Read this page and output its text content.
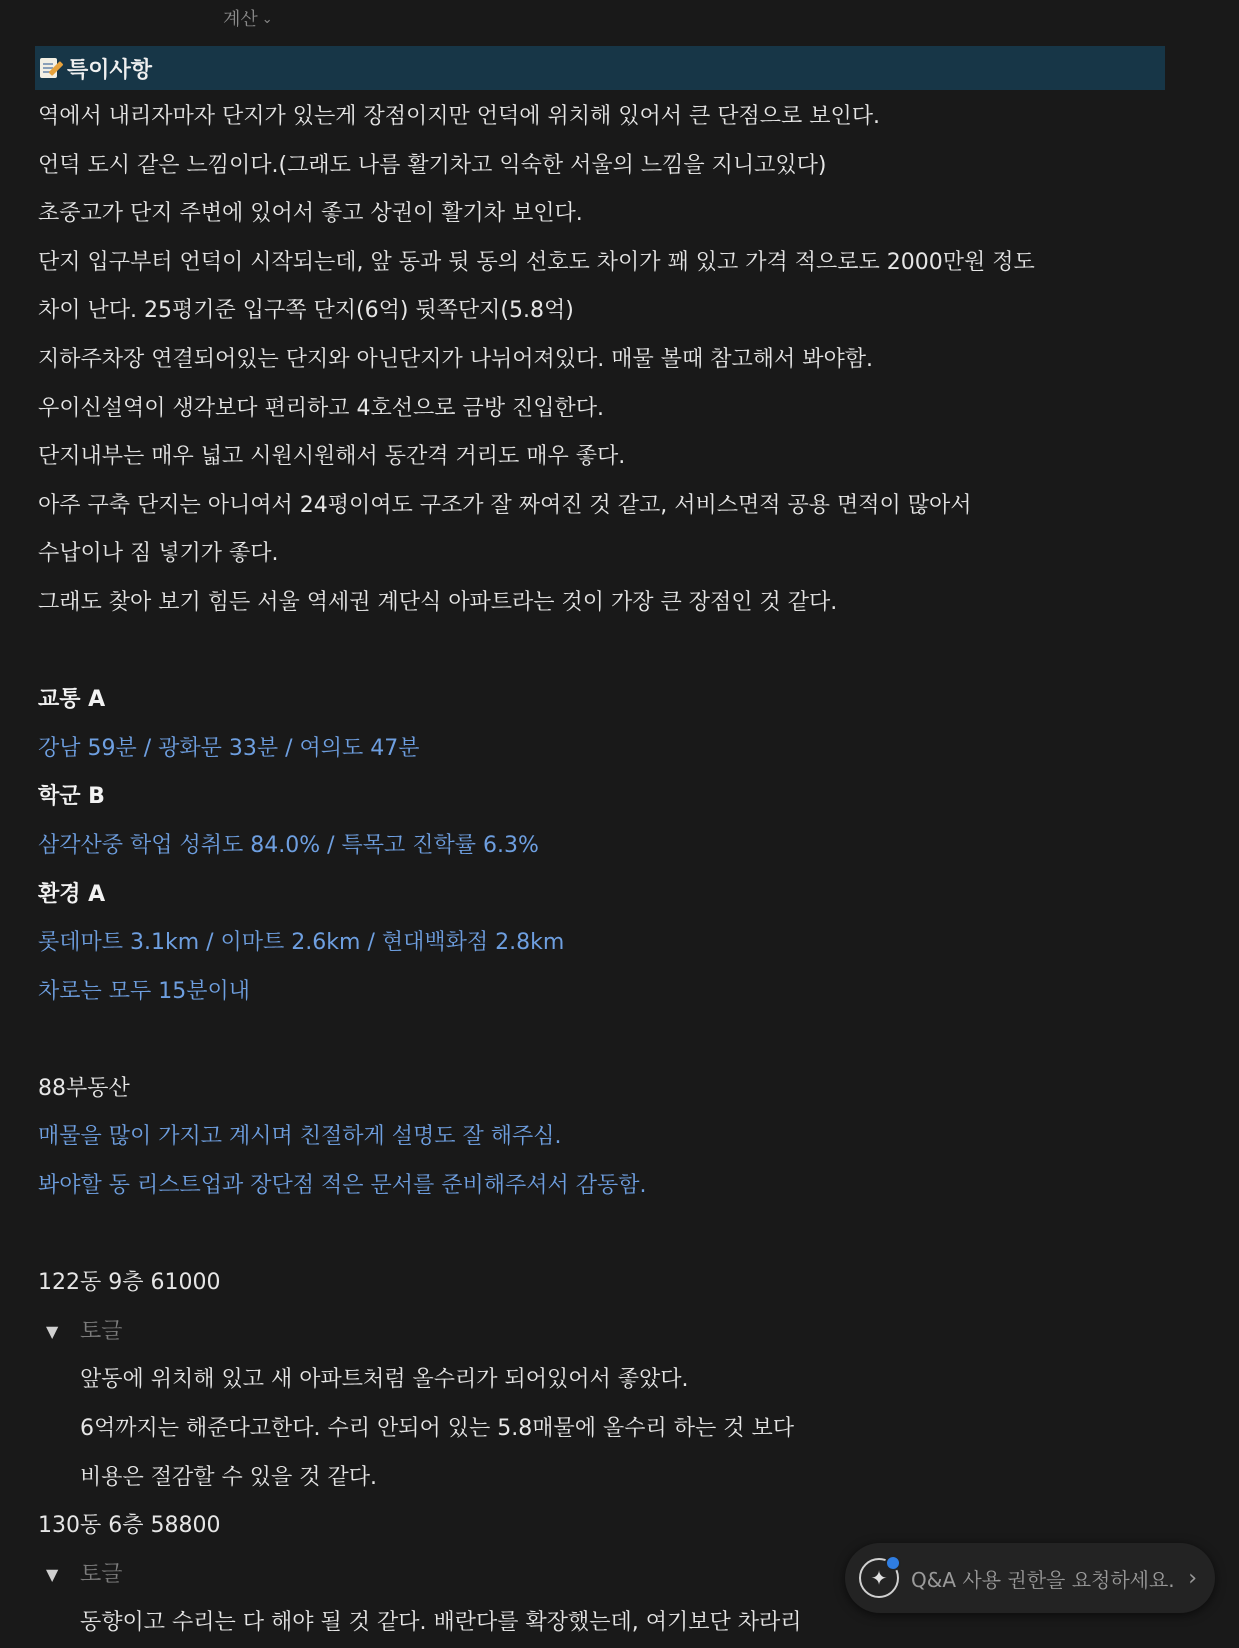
계산 ⌄
특이사항
역에서 내리자마자 단지가 있는게 장점이지만 언덕에 위치해 있어서 큰 단점으로 보인다.
언덕 도시 같은 느낌이다.(그래도 나름 활기차고 익숙한 서울의 느낌을 지니고있다)
초중고가 단지 주변에 있어서 좋고 상권이 활기차 보인다.
단지 입구부터 언덕이 시작되는데, 앞 동과 뒷 동의 선호도 차이가 꽤 있고 가격 적으로도 2000만원 정도
차이 난다. 25평기준 입구쪽 단지(6억) 뒷쪽단지(5.8억)
지하주차장 연결되어있는 단지와 아닌단지가 나뉘어져있다. 매물 볼때 참고해서 봐야함.
우이신설역이 생각보다 편리하고 4호선으로 금방 진입한다.
단지내부는 매우 넓고 시원시원해서 동간격 거리도 매우 좋다.
아주 구축 단지는 아니여서 24평이여도 구조가 잘 짜여진 것 같고, 서비스면적 공용 면적이 많아서
수납이나 짐 넣기가 좋다.
그래도 찾아 보기 힘든 서울 역세권 계단식 아파트라는 것이 가장 큰 장점인 것 같다.
교통 A
강남 59분 / 광화문 33분 / 여의도 47분
학군 B
삼각산중 학업 성취도 84.0% / 특목고 진학률 6.3%
환경 A
롯데마트 3.1km / 이마트 2.6km / 현대백화점 2.8km
차로는 모두 15분이내
88부동산
매물을 많이 가지고 계시며 친절하게 설명도 잘 해주심.
봐야할 동 리스트업과 장단점 적은 문서를 준비해주셔서 감동함.
122동 9층 61000
▼ 토글
앞동에 위치해 있고 새 아파트처럼 올수리가 되어있어서 좋았다.
6억까지는 해준다고한다. 수리 안되어 있는 5.8매물에 올수리 하는 것 보다
비용은 절감할 수 있을 것 같다.
130동 6층 58800
▼ 토글
동향이고 수리는 다 해야 될 것 같다. 배란다를 확장했는데, 여기보단 차라리
✦	Q&A 사용 권한을 요청하세요. ›
